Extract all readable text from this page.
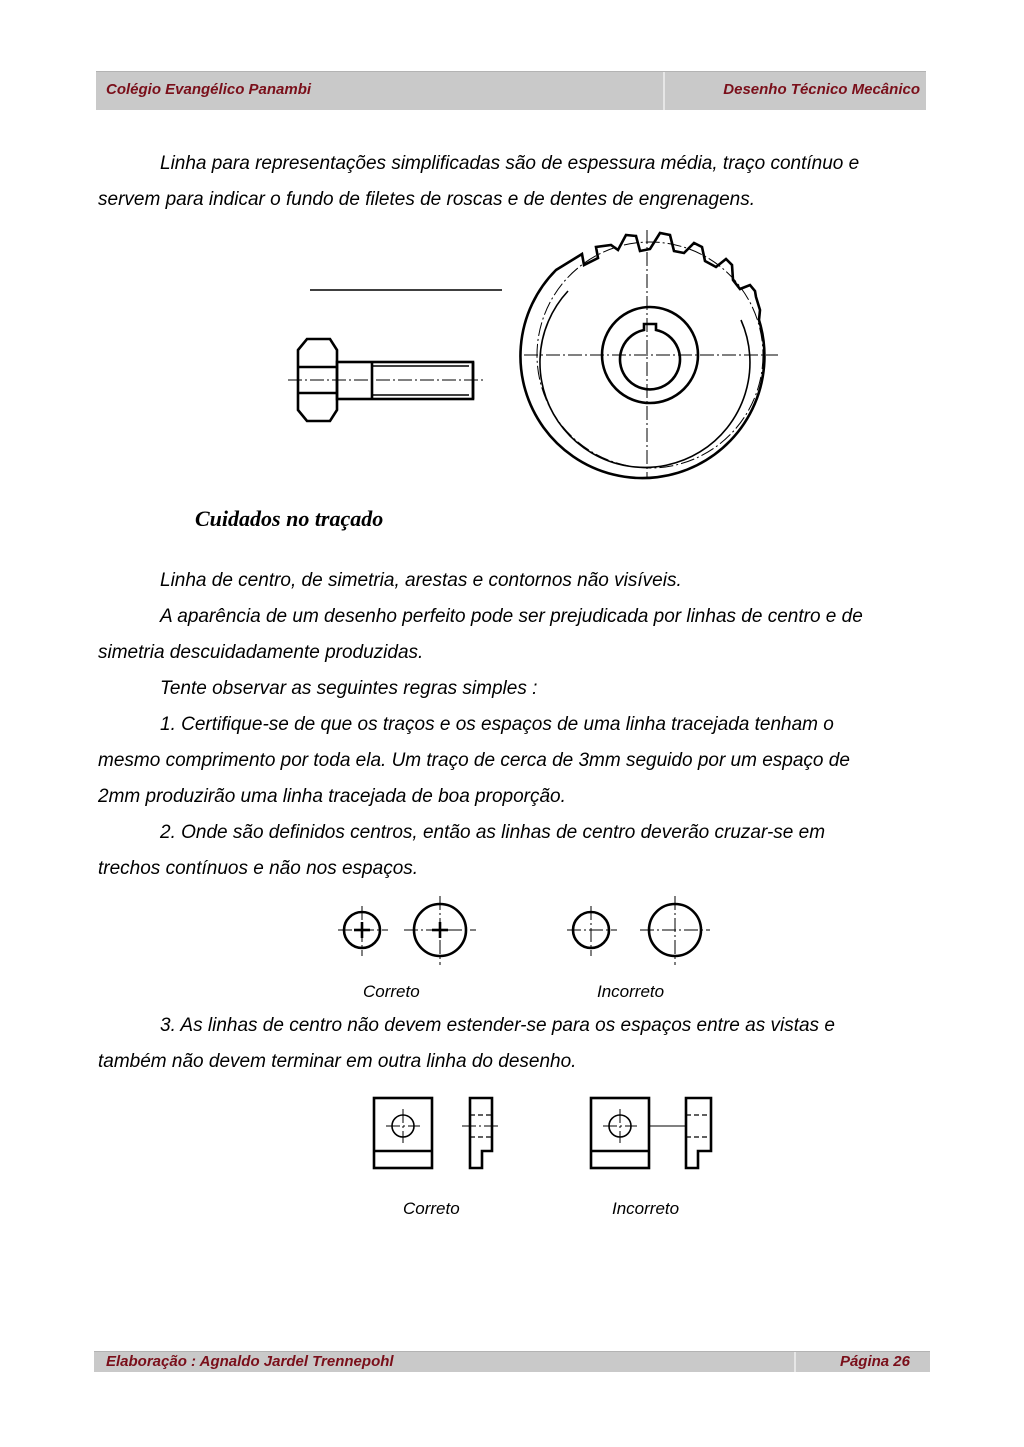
Colégio Evangélico Panambi	Desenho Técnico Mecânico

Linha para representações simplificadas são de espessura média, traço contínuo e
servem para indicar o fundo de filetes de roscas e de dentes de engrenagens.

Cuidados no traçado

Linha de centro, de simetria, arestas e contornos não visíveis.
A aparência de um desenho perfeito pode ser prejudicada por linhas de centro e de
simetria descuidadamente produzidas.
Tente observar as seguintes regras simples :
1. Certifique-se de que os traços e os espaços de uma linha tracejada tenham o
mesmo comprimento por toda ela. Um traço de cerca de 3mm seguido por um espaço de
2mm produzirão uma linha tracejada de boa proporção.
2. Onde são definidos centros, então as linhas de centro deverão cruzar-se em
trechos contínuos e não nos espaços.

Correto	Incorreto

3. As linhas de centro não devem estender-se para os espaços entre as vistas e
também não devem terminar em outra linha do desenho.

Correto	Incorreto
Elaboração : Agnaldo Jardel Trennepohl	Página 26
